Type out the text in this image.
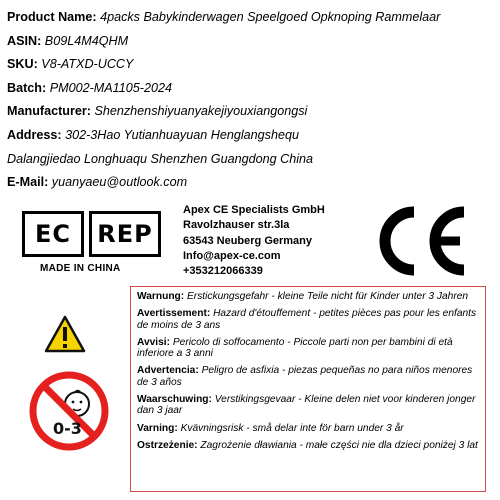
Product Name: 4packs Babykinderwagen Speelgoed Opknoping Rammelaar
ASIN: B09L4M4QHM
SKU: V8-ATXD-UCCY
Batch: PM002-MA1105-2024
Manufacturer: Shenzhenshiyuanyakejiyouxiangongsi
Address: 302-3Hao Yutianhuayuan Henglangshequ
Dalangjiedao Longhuaqu Shenzhen Guangdong China
E-Mail: yuanyaeu@outlook.com
EC	REP
MADE IN CHINA
Apex CE Specialists GmbH
Ravolzhauser str.3la
63543 Neuberg Germany
Info@apex-ce.com
+353212066339
0-3
Warnung: Erstickungsgefahr - kleine Teile nicht für Kinder unter 3 Jahren
Avertissement: Hazard d'étouffement - petites pièces pas pour les enfants de moins de 3 ans
Avvisi: Pericolo di soffocamento - Piccole parti non per bambini di età inferiore a 3 anni
Advertencia: Peligro de asfixia - piezas pequeñas no para niños menores de 3 años
Waarschuwing: Verstikingsgevaar - Kleine delen niet voor kinderen jonger dan 3 jaar
Varning: Kvävningsrisk - små delar inte för barn under 3 år
Ostrzeżenie: Zagrożenie dławiania - małe części nie dla dzieci poniżej 3 lat
